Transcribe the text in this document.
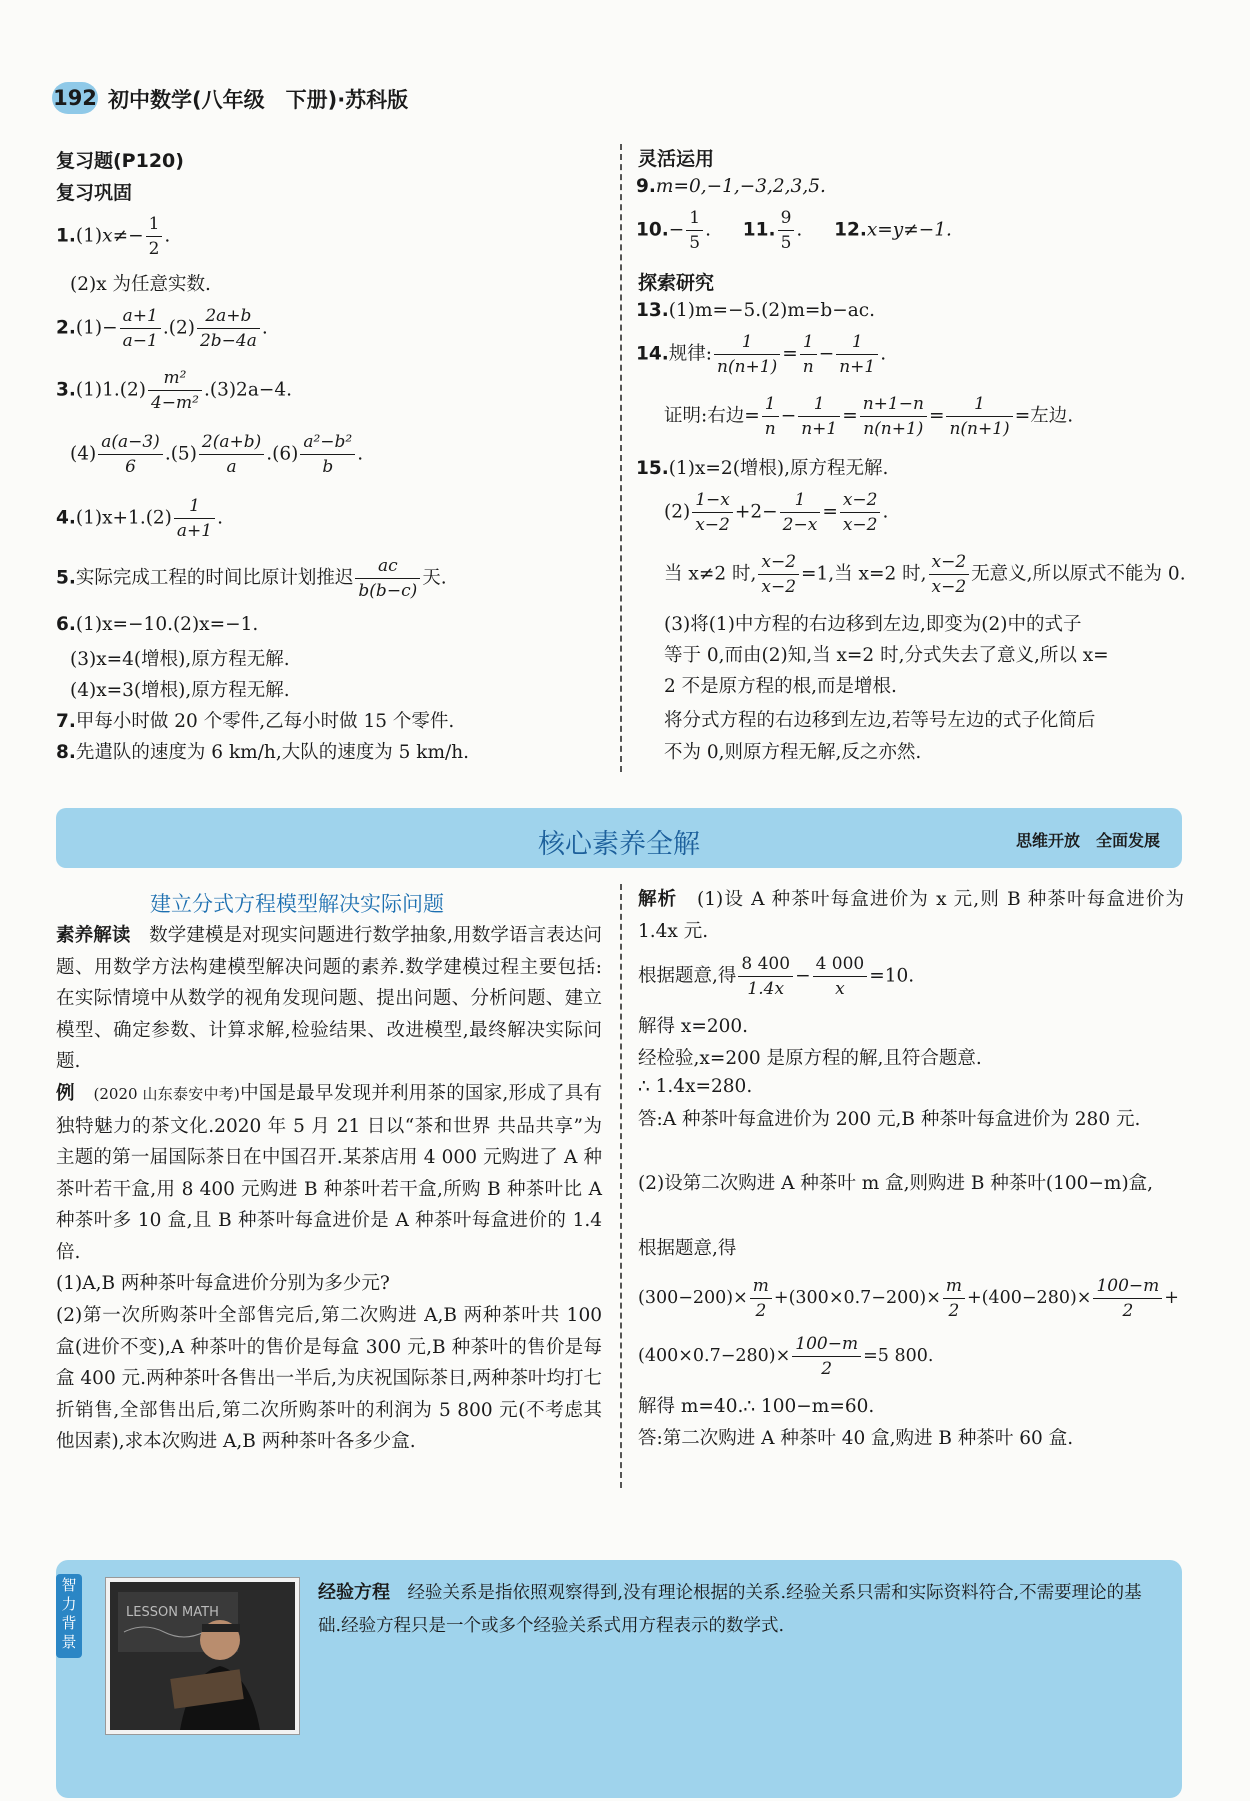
192 初中数学(八年级　下册)·苏科版
复习题(P120)
复习巩固
$1.(1)x\ne- \frac{1}{2}$ .
(2)x 为任意实数.
$2.(1)- \frac{a+1}{a-1} .(2) \frac{2a+b}{2b-4a}$ .
$3.(1)1.(2) \frac{\text{m²}}{\text{4−m²}} .(3)2a-4$.
$(4) \frac{a(a-3)}{6} .(5) \frac{2(a+b)}{a} .(6) \frac{\text{a²−b²}}{b}$ .
$4.(1)x+1.(2) \frac{1}{a+1}$ .
5.实际完成工程的时间比原计划推迟 $\frac{ac}{b(b-c)}$ 天.
6.(1)x=−10.(2)x=−1.
(3)x=4(增根),原方程无解.
(4)x=3(增根),原方程无解.
7.甲每小时做 20 个零件,乙每小时做 15 个零件.
8.先遣队的速度为 6 km/h,大队的速度为 5 km/h.
灵活运用
9.m=0,−1,−3,2,3,5.
$10.- \frac{1}{5}$ . 11. $\frac{9}{5}$ . 12.x=y≠−1.
探索研究
13.(1)m=−5.(2)m=b−ac.
14.规律: $\frac{1}{n(n+1)} = \frac{1}{n} - \frac{1}{n+1}$ .
证明:右边= $\frac{1}{n} - \frac{1}{n+1} = \frac{n+1-n}{n(n+1)} = \frac{1}{n(n+1)}$ =左边.
15.(1)x=2(增根),原方程无解.
$(2) \frac{1-x}{x-2} +2- \frac{1}{2-x} = \frac{x-2}{x-2}$ .
当 x≠2 时, $\frac{x-2}{x-2} =1$,当 x=2 时, $\frac{x-2}{x-2}$ 无意义,所以原式不能为 0.
(3)将(1)中方程的右边移到左边,即变为(2)中的式子
等于 0,而由(2)知,当 x=2 时,分式失去了意义,所以 x=
2 不是原方程的根,而是增根.
将分式方程的右边移到左边,若等号左边的式子化简后
不为 0,则原方程无解,反之亦然.
核心素养全解	思维开放　全面发展
建立分式方程模型解决实际问题
素养解读　数学建模是对现实问题进行数学抽象,用数学语言表达问题、用数学方法构建模型解决问题的素养.数学建模过程主要包括:在实际情境中从数学的视角发现问题、提出问题、分析问题、建立模型、确定参数、计算求解,检验结果、改进模型,最终解决实际问题.
例　 (2020 山东泰安中考)中国是最早发现并利用茶的国家,形成了具有独特魅力的茶文化.2020 年 5 月 21 日以“茶和世界 共品共享”为主题的第一届国际茶日在中国召开.某茶店用 4 000 元购进了 A 种茶叶若干盒,用 8 400 元购进 B 种茶叶若干盒,所购 B 种茶叶比 A 种茶叶多 10 盒,且 B 种茶叶每盒进价是 A 种茶叶每盒进价的 1.4 倍.
(1)A,B 两种茶叶每盒进价分别为多少元?
(2)第一次所购茶叶全部售完后,第二次购进 A,B 两种茶叶共 100 盒(进价不变),A 种茶叶的售价是每盒 300 元,B 种茶叶的售价是每盒 400 元.两种茶叶各售出一半后,为庆祝国际茶日,两种茶叶均打七折销售,全部售出后,第二次所购茶叶的利润为 5 800 元(不考虑其他因素),求本次购进 A,B 两种茶叶各多少盒.
解析　(1)设 A 种茶叶每盒进价为 x 元,则 B 种茶叶每盒进价为 1.4x 元.
根据题意,得 $\frac{8 400}{1.4x} - \frac{4 000}{x} =10$.
解得 x=200.
经检验,x=200 是原方程的解,且符合题意.
∴ 1.4x=280.
答:A 种茶叶每盒进价为 200 元,B 种茶叶每盒进价为 280 元.
(2)设第二次购进 A 种茶叶 m 盒,则购进 B 种茶叶(100−m)盒,
根据题意,得
$(300-200)\times \frac{m}{2} +(300\times 0.7-200)\times \frac{m}{2} +(400-280)\times \frac{100-m}{2}$ +
$(400\times 0.7-280)\times \frac{100-m}{2} =5$ 800.
解得 m=40.∴ 100−m=60.
答:第二次购进 A 种茶叶 40 盒,购进 B 种茶叶 60 盒.
智力背景
LESSON MATH
经验方程　经验关系是指依照观察得到,没有理论根据的关系.经验关系只需和实际资料符合,不需要理论的基础.经验方程只是一个或多个经验关系式用方程表示的数学式.
